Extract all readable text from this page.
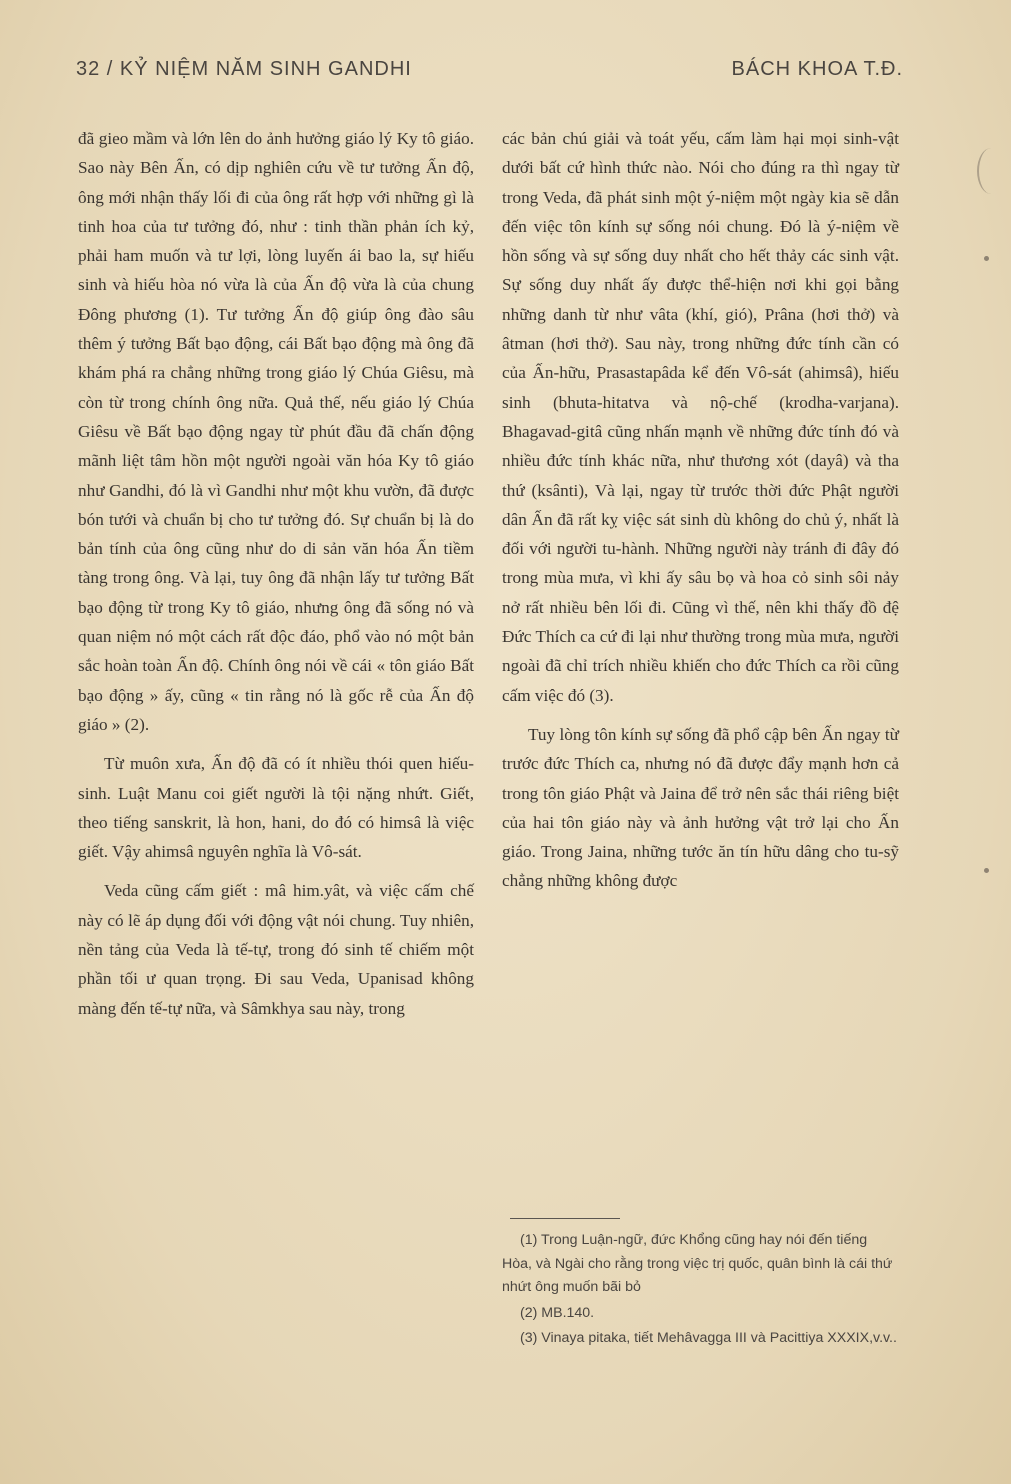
32 / KỶ NIỆM NĂM SINH GANDHI	BÁCH KHOA T.Đ.

đã gieo mầm và lớn lên do ảnh hưởng giáo lý Ky tô giáo. Sao này Bên Ấn, có dịp nghiên cứu về tư tưởng Ấn độ, ông mới nhận thấy lối đi của ông rất hợp với những gì là tinh hoa của tư tưởng đó, như : tinh thần phản ích kỷ, phải ham muốn và tư lợi, lòng luyến ái bao la, sự hiếu sinh và hiếu hòa nó vừa là của Ấn độ vừa là của chung Đông phương (1). Tư tưởng Ấn độ giúp ông đào sâu thêm ý tưởng Bất bạo động, cái Bất bạo động mà ông đã khám phá ra chẳng những trong giáo lý Chúa Giêsu, mà còn từ trong chính ông nữa. Quả thế, nếu giáo lý Chúa Giêsu về Bất bạo động ngay từ phút đầu đã chấn động mãnh liệt tâm hồn một người ngoài văn hóa Ky tô giáo như Gandhi, đó là vì Gandhi như một khu vườn, đã được bón tưới và chuẩn bị cho tư tưởng đó. Sự chuẩn bị là do bản tính của ông cũng như do di sản văn hóa Ấn tiềm tàng trong ông. Và lại, tuy ông đã nhận lấy tư tưởng Bất bạo động từ trong Ky tô giáo, nhưng ông đã sống nó và quan niệm nó một cách rất độc đáo, phổ vào nó một bản sắc hoàn toàn Ấn độ. Chính ông nói về cái « tôn giáo Bất bạo động » ấy, cũng « tin rằng nó là gốc rễ của Ấn độ giáo » (2).

Từ muôn xưa, Ấn độ đã có ít nhiều thói quen hiếu-sinh. Luật Manu coi giết người là tội nặng nhứt. Giết, theo tiếng sanskrit, là hon, hani, do đó có himsâ là việc giết. Vậy ahimsâ nguyên nghĩa là Vô-sát.

Veda cũng cấm giết : mâ him.yât, và việc cấm chế này có lẽ áp dụng đối với động vật nói chung. Tuy nhiên, nền tảng của Veda là tế-tự, trong đó sinh tế chiếm một phần tối ư quan trọng. Đi sau Veda, Upanisad không màng đến tế-tự nữa, và Sâmkhya sau này, trong

các bản chú giải và toát yếu, cấm làm hại mọi sinh-vật dưới bất cứ hình thức nào. Nói cho đúng ra thì ngay từ trong Veda, đã phát sinh một ý-niệm một ngày kia sẽ dẫn đến việc tôn kính sự sống nói chung. Đó là ý-niệm về hồn sống và sự sống duy nhất cho hết thảy các sinh vật. Sự sống duy nhất ấy được thể-hiện nơi khi gọi bằng những danh từ như vâta (khí, gió), Prâna (hơi thở) và âtman (hơi thở). Sau này, trong những đức tính cần có của Ấn-hữu, Prasastapâda kể đến Vô-sát (ahimsâ), hiếu sinh (bhuta-hitatva và nộ-chế (krodha-varjana). Bhagavad-gitâ cũng nhấn mạnh về những đức tính đó và nhiều đức tính khác nữa, như thương xót (dayâ) và tha thứ (ksânti), Và lại, ngay từ trước thời đức Phật người dân Ấn đã rất kỵ việc sát sinh dù không do chủ ý, nhất là đối với người tu-hành. Những người này tránh đi đây đó trong mùa mưa, vì khi ấy sâu bọ và hoa cỏ sinh sôi nảy nở rất nhiều bên lối đi. Cũng vì thế, nên khi thấy đồ đệ Đức Thích ca cứ đi lại như thường trong mùa mưa, người ngoài đã chỉ trích nhiều khiến cho đức Thích ca rồi cũng cấm việc đó (3).

Tuy lòng tôn kính sự sống đã phổ cập bên Ấn ngay từ trước đức Thích ca, nhưng nó đã được đẩy mạnh hơn cả trong tôn giáo Phật và Jaina để trở nên sắc thái riêng biệt của hai tôn giáo này và ảnh hưởng vật trở lại cho Ấn giáo. Trong Jaina, những tước ăn tín hữu dâng cho tu-sỹ chẳng những không được

(1) Trong Luận-ngữ, đức Khổng cũng hay nói đến tiếng Hòa, và Ngài cho rằng trong việc trị quốc, quân bình là cái thứ nhứt ông muốn bãi bỏ

(2) MB.140.

(3) Vinaya pitaka, tiết Mehâvagga III và Pacittiya XXXIX,v.v..
